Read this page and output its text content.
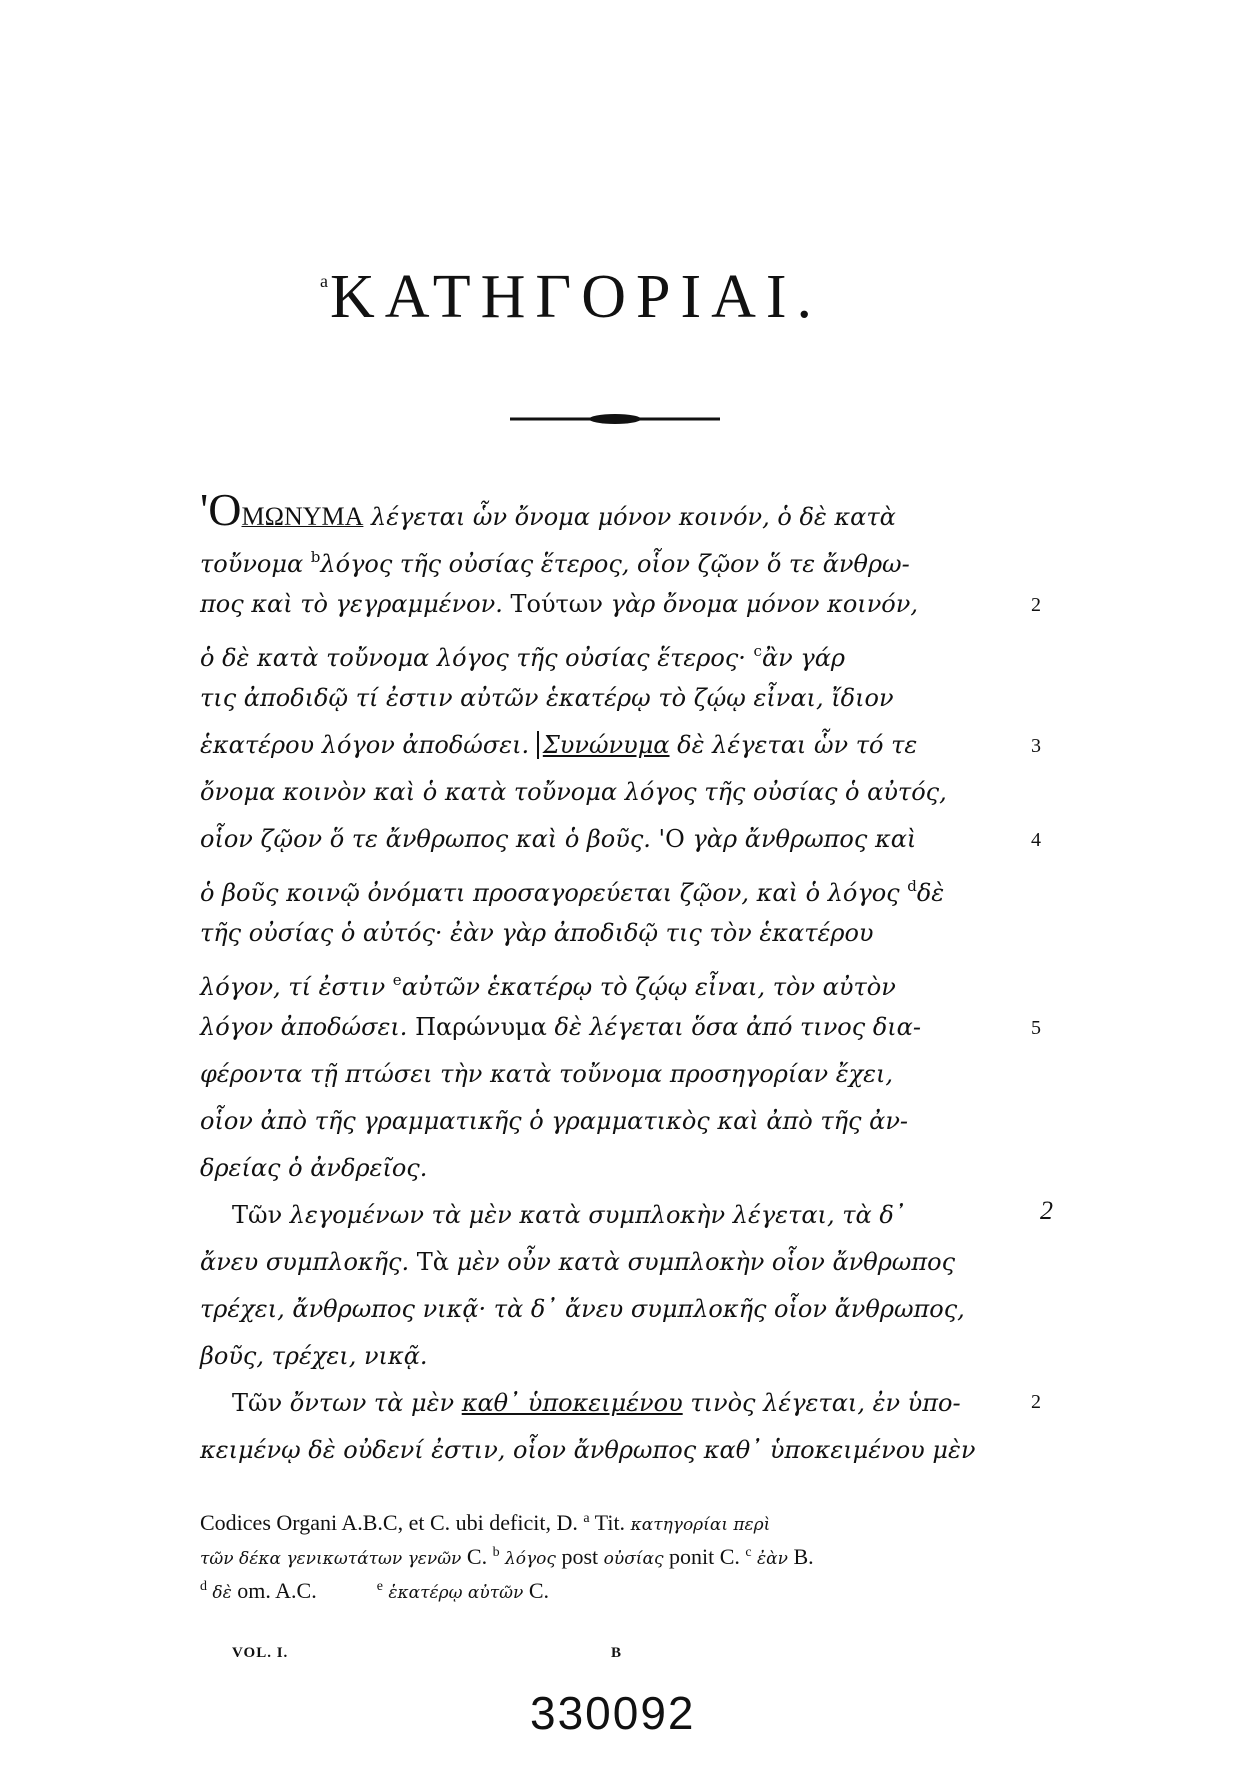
$^a$ΚΑΤΗΓΟΡΙΑΙ.
'ΟΜΩΝΥΜΑ λέγεται ὧν ὄνομα μόνον κοινόν, ὁ δὲ κατὰ
τοὔνομα $^b$λόγος τῆς οὐσίας ἕτερος, οἷον ζῷον ὅ τε ἄνθρω-
πος καὶ τὸ γεγραμμένον. Τούτων γὰρ ὄνομα μόνον κοινόν,	2
ὁ δὲ κατὰ τοὔνομα λόγος τῆς οὐσίας ἕτερος· $^c$ἂν γάρ
τις ἀποδιδῷ τί ἐστιν αὐτῶν ἑκατέρῳ τὸ ζῴῳ εἶναι, ἴδιον
ἑκατέρου λόγον ἀποδώσει. Συνώνυμα δὲ λέγεται ὧν τό τε	3
ὄνομα κοινὸν καὶ ὁ κατὰ τοὔνομα λόγος τῆς οὐσίας ὁ αὐτός,
οἷον ζῷον ὅ τε ἄνθρωπος καὶ ὁ βοῦς. 'Ο γὰρ ἄνθρωπος καὶ	4
ὁ βοῦς κοινῷ ὀνόματι προσαγορεύεται ζῷον, καὶ ὁ λόγος $^d$δὲ
τῆς οὐσίας ὁ αὐτός· ἐὰν γὰρ ἀποδιδῷ τις τὸν ἑκατέρου
λόγον, τί ἐστιν $^e$αὐτῶν ἑκατέρῳ τὸ ζῴῳ εἶναι, τὸν αὐτὸν
λόγον ἀποδώσει. Παρώνυμα δὲ λέγεται ὅσα ἀπό τινος δια-	5
φέροντα τῇ πτώσει τὴν κατὰ τοὔνομα προσηγορίαν ἔχει,
οἷον ἀπὸ τῆς γραμματικῆς ὁ γραμματικὸς καὶ ἀπὸ τῆς ἀν-
δρείας ὁ ἀνδρεῖος.
Τῶν λεγομένων τὰ μὲν κατὰ συμπλοκὴν λέγεται, τὰ δ᾽	2
ἄνευ συμπλοκῆς. Τὰ μὲν οὖν κατὰ συμπλοκὴν οἷον ἄνθρωπος
τρέχει, ἄνθρωπος νικᾷ· τὰ δ᾽ ἄνευ συμπλοκῆς οἷον ἄνθρωπος,
βοῦς, τρέχει, νικᾷ.
Τῶν ὄντων τὰ μὲν καθ᾽ ὑποκειμένου τινὸς λέγεται, ἐν ὑπο-	2
κειμένῳ δὲ οὐδενί ἐστιν, οἷον ἄνθρωπος καθ᾽ ὑποκειμένου μὲν
Codices Organi A.B.C, et C. ubi deficit, D. $^a$ Tit. κατηγορίαι περὶ
τῶν δέκα γενικωτάτων γενῶν C. $^b$ λόγος post οὐσίας ponit C. $^c$ ἐὰν B.
$^d$ δὲ om. A.C.	$^e$ ἑκατέρῳ αὐτῶν C.
VOL. I.	B
330092
